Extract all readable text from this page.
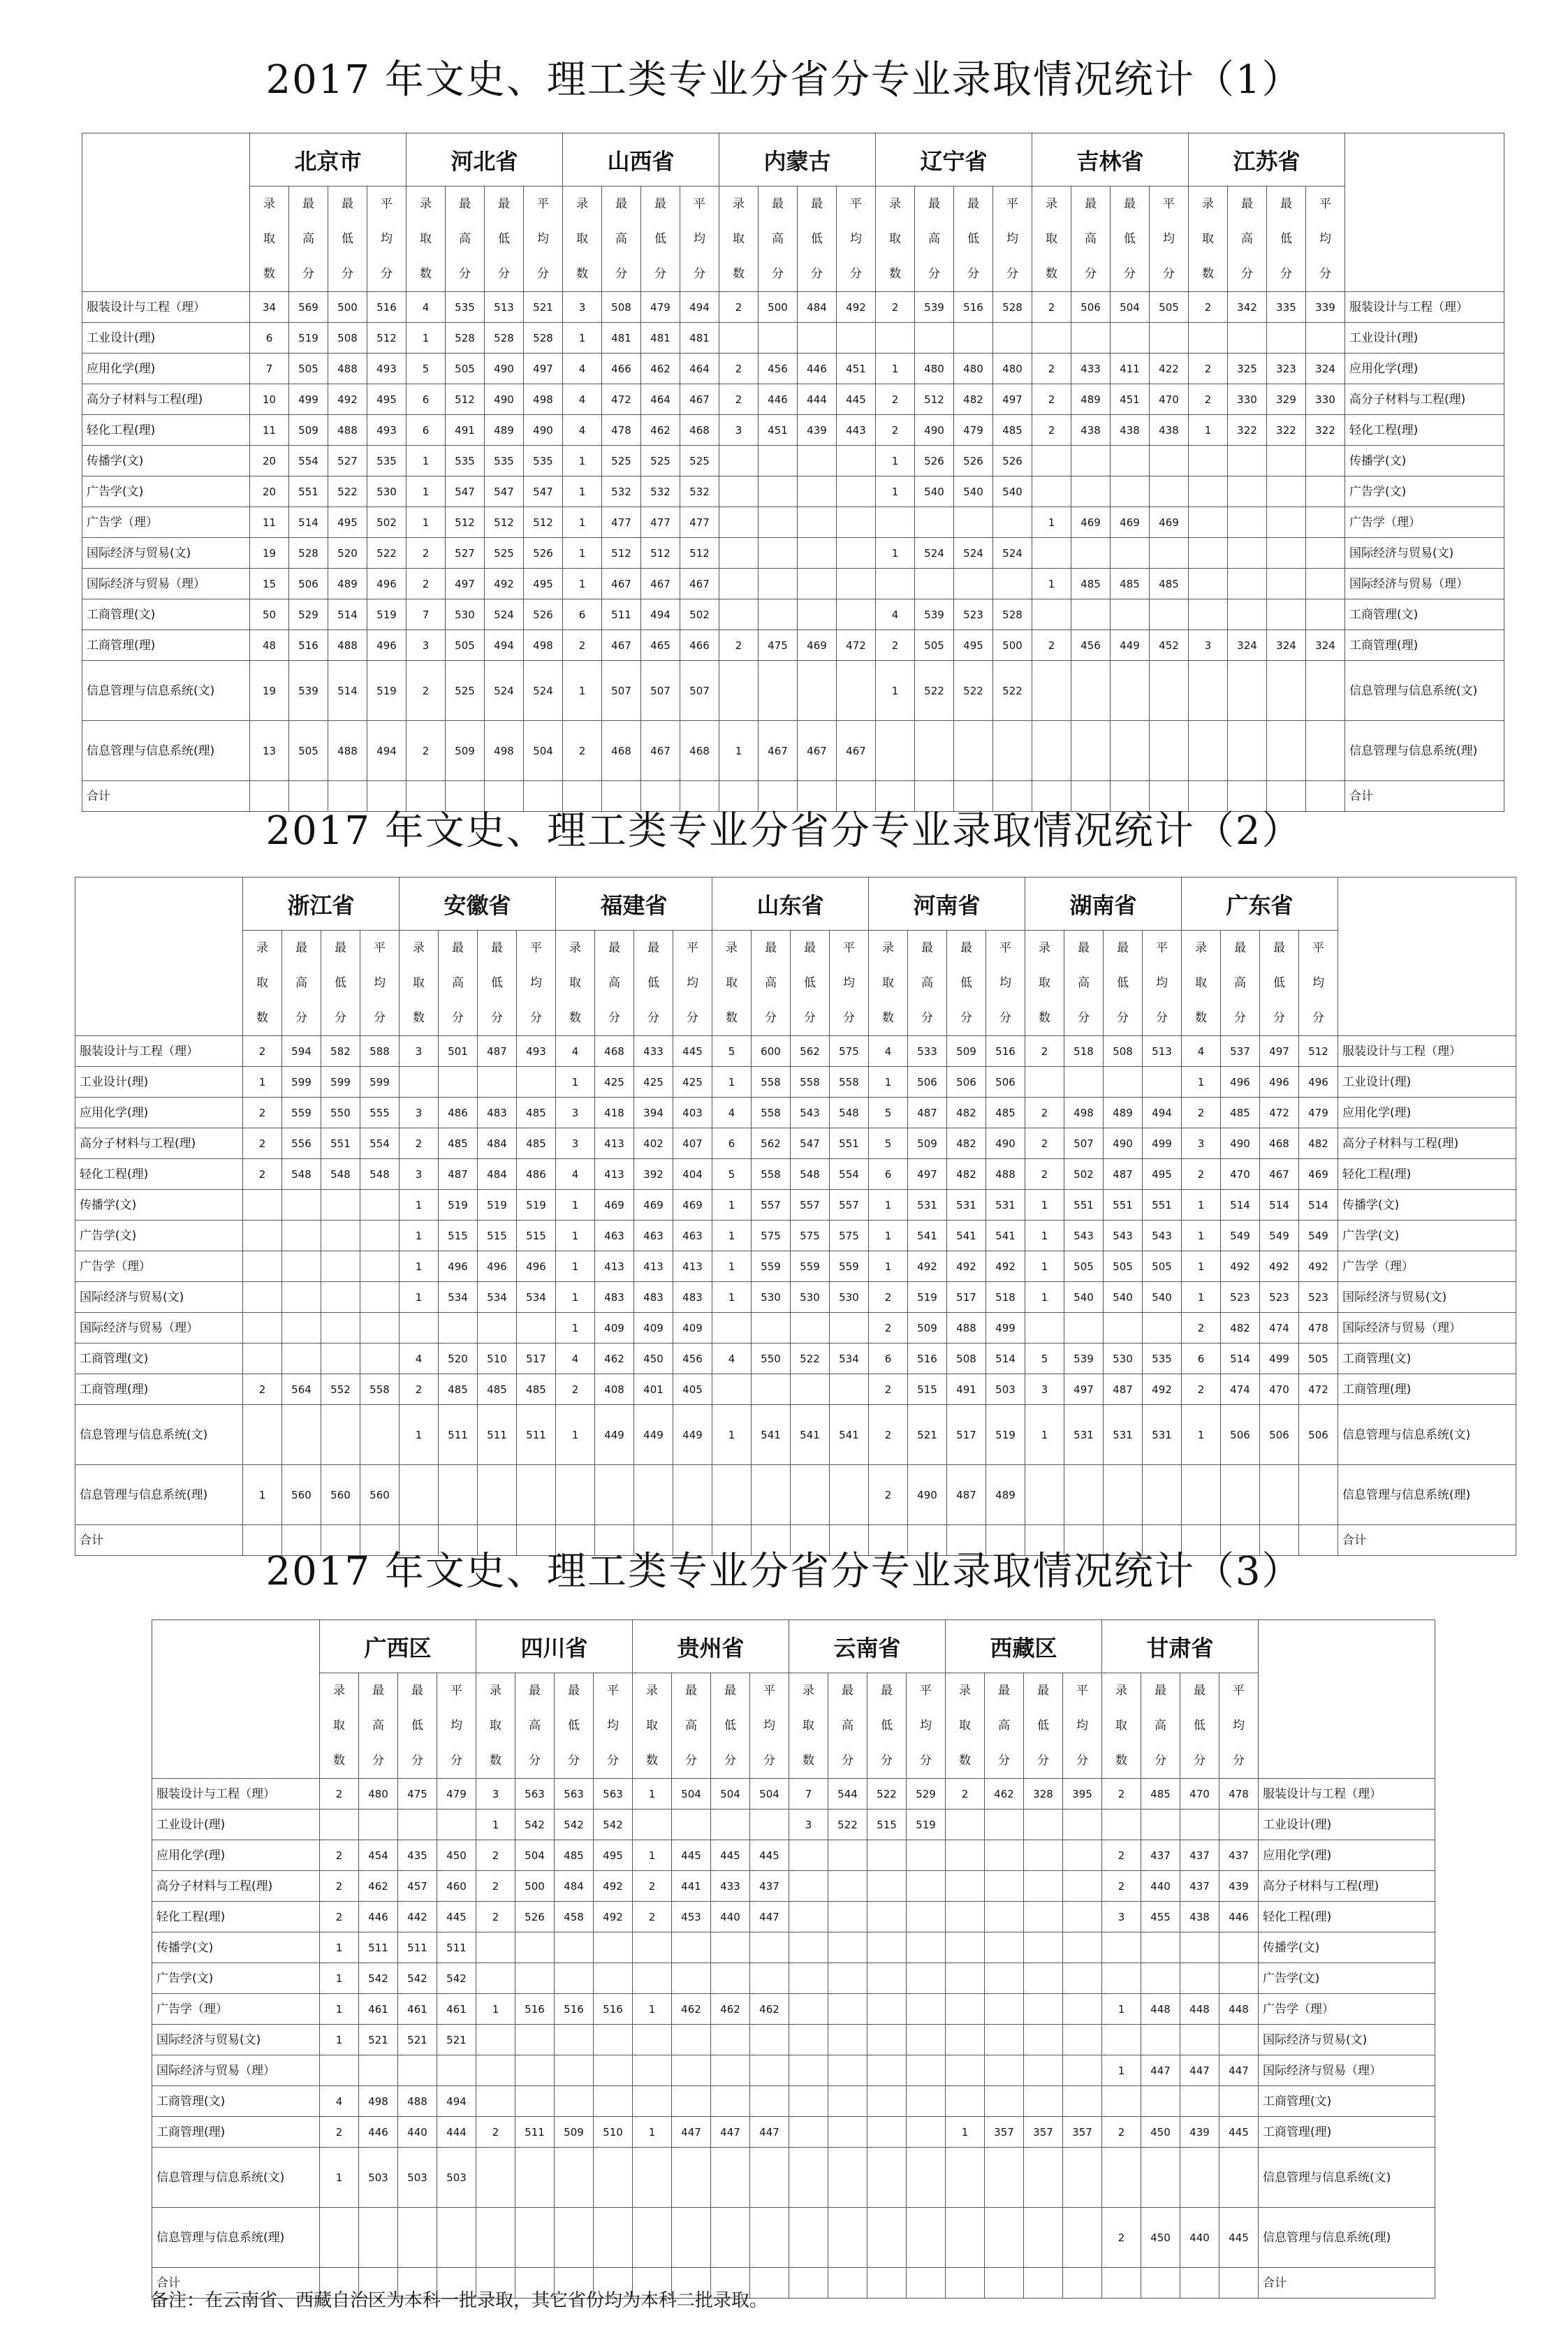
2017 年文史、理工类专业分省分专业录取情况统计（1）
	北京市				河北省				山西省				内蒙古				辽宁省				吉林省				江苏省				
	录取数	最高分	最低分	平均分	录取数	最高分	最低分	平均分	录取数	最高分	最低分	平均分	录取数	最高分	最低分	平均分	录取数	最高分	最低分	平均分	录取数	最高分	最低分	平均分	录取数	最高分	最低分	平均分	
服装设计与工程（理）	34	569	500	516	4	535	513	521	3	508	479	494	2	500	484	492	2	539	516	528	2	506	504	505	2	342	335	339	服装设计与工程（理）
工业设计(理)	6	519	508	512	1	528	528	528	1	481	481	481																	工业设计(理)
应用化学(理)	7	505	488	493	5	505	490	497	4	466	462	464	2	456	446	451	1	480	480	480	2	433	411	422	2	325	323	324	应用化学(理)
高分子材料与工程(理)	10	499	492	495	6	512	490	498	4	472	464	467	2	446	444	445	2	512	482	497	2	489	451	470	2	330	329	330	高分子材料与工程(理)
轻化工程(理)	11	509	488	493	6	491	489	490	4	478	462	468	3	451	439	443	2	490	479	485	2	438	438	438	1	322	322	322	轻化工程(理)
传播学(文)	20	554	527	535	1	535	535	535	1	525	525	525					1	526	526	526									传播学(文)
广告学(文)	20	551	522	530	1	547	547	547	1	532	532	532					1	540	540	540									广告学(文)
广告学（理）	11	514	495	502	1	512	512	512	1	477	477	477									1	469	469	469					广告学（理）
国际经济与贸易(文)	19	528	520	522	2	527	525	526	1	512	512	512					1	524	524	524									国际经济与贸易(文)
国际经济与贸易（理）	15	506	489	496	2	497	492	495	1	467	467	467									1	485	485	485					国际经济与贸易（理）
工商管理(文)	50	529	514	519	7	530	524	526	6	511	494	502					4	539	523	528									工商管理(文)
工商管理(理)	48	516	488	496	3	505	494	498	2	467	465	466	2	475	469	472	2	505	495	500	2	456	449	452	3	324	324	324	工商管理(理)
信息管理与信息系统(文)	19	539	514	519	2	525	524	524	1	507	507	507					1	522	522	522									信息管理与信息系统(文)
信息管理与信息系统(理)	13	505	488	494	2	509	498	504	2	468	467	468	1	467	467	467													信息管理与信息系统(理)
合计																													合计
2017 年文史、理工类专业分省分专业录取情况统计（2）
	浙江省				安徽省				福建省				山东省				河南省				湖南省				广东省				
	录取数	最高分	最低分	平均分	录取数	最高分	最低分	平均分	录取数	最高分	最低分	平均分	录取数	最高分	最低分	平均分	录取数	最高分	最低分	平均分	录取数	最高分	最低分	平均分	录取数	最高分	最低分	平均分	
服装设计与工程（理）	2	594	582	588	3	501	487	493	4	468	433	445	5	600	562	575	4	533	509	516	2	518	508	513	4	537	497	512	服装设计与工程（理）
工业设计(理)	1	599	599	599					1	425	425	425	1	558	558	558	1	506	506	506					1	496	496	496	工业设计(理)
应用化学(理)	2	559	550	555	3	486	483	485	3	418	394	403	4	558	543	548	5	487	482	485	2	498	489	494	2	485	472	479	应用化学(理)
高分子材料与工程(理)	2	556	551	554	2	485	484	485	3	413	402	407	6	562	547	551	5	509	482	490	2	507	490	499	3	490	468	482	高分子材料与工程(理)
轻化工程(理)	2	548	548	548	3	487	484	486	4	413	392	404	5	558	548	554	6	497	482	488	2	502	487	495	2	470	467	469	轻化工程(理)
传播学(文)					1	519	519	519	1	469	469	469	1	557	557	557	1	531	531	531	1	551	551	551	1	514	514	514	传播学(文)
广告学(文)					1	515	515	515	1	463	463	463	1	575	575	575	1	541	541	541	1	543	543	543	1	549	549	549	广告学(文)
广告学（理）					1	496	496	496	1	413	413	413	1	559	559	559	1	492	492	492	1	505	505	505	1	492	492	492	广告学（理）
国际经济与贸易(文)					1	534	534	534	1	483	483	483	1	530	530	530	2	519	517	518	1	540	540	540	1	523	523	523	国际经济与贸易(文)
国际经济与贸易（理）									1	409	409	409					2	509	488	499					2	482	474	478	国际经济与贸易（理）
工商管理(文)					4	520	510	517	4	462	450	456	4	550	522	534	6	516	508	514	5	539	530	535	6	514	499	505	工商管理(文)
工商管理(理)	2	564	552	558	2	485	485	485	2	408	401	405					2	515	491	503	3	497	487	492	2	474	470	472	工商管理(理)
信息管理与信息系统(文)					1	511	511	511	1	449	449	449	1	541	541	541	2	521	517	519	1	531	531	531	1	506	506	506	信息管理与信息系统(文)
信息管理与信息系统(理)	1	560	560	560													2	490	487	489									信息管理与信息系统(理)
合计																													合计
2017 年文史、理工类专业分省分专业录取情况统计（3）
	广西区				四川省				贵州省				云南省				西藏区				甘肃省				
	录取数	最高分	最低分	平均分	录取数	最高分	最低分	平均分	录取数	最高分	最低分	平均分	录取数	最高分	最低分	平均分	录取数	最高分	最低分	平均分	录取数	最高分	最低分	平均分	
服装设计与工程（理）	2	480	475	479	3	563	563	563	1	504	504	504	7	544	522	529	2	462	328	395	2	485	470	478	服装设计与工程（理）
工业设计(理)					1	542	542	542					3	522	515	519									工业设计(理)
应用化学(理)	2	454	435	450	2	504	485	495	1	445	445	445									2	437	437	437	应用化学(理)
高分子材料与工程(理)	2	462	457	460	2	500	484	492	2	441	433	437									2	440	437	439	高分子材料与工程(理)
轻化工程(理)	2	446	442	445	2	526	458	492	2	453	440	447									3	455	438	446	轻化工程(理)
传播学(文)	1	511	511	511																					传播学(文)
广告学(文)	1	542	542	542																					广告学(文)
广告学（理）	1	461	461	461	1	516	516	516	1	462	462	462									1	448	448	448	广告学（理）
国际经济与贸易(文)	1	521	521	521																					国际经济与贸易(文)
国际经济与贸易（理）																					1	447	447	447	国际经济与贸易（理）
工商管理(文)	4	498	488	494																					工商管理(文)
工商管理(理)	2	446	440	444	2	511	509	510	1	447	447	447					1	357	357	357	2	450	439	445	工商管理(理)
信息管理与信息系统(文)	1	503	503	503																					信息管理与信息系统(文)
信息管理与信息系统(理)																					2	450	440	445	信息管理与信息系统(理)
合计																									合计
备注：在云南省、西藏自治区为本科一批录取，其它省份均为本科二批录取。
